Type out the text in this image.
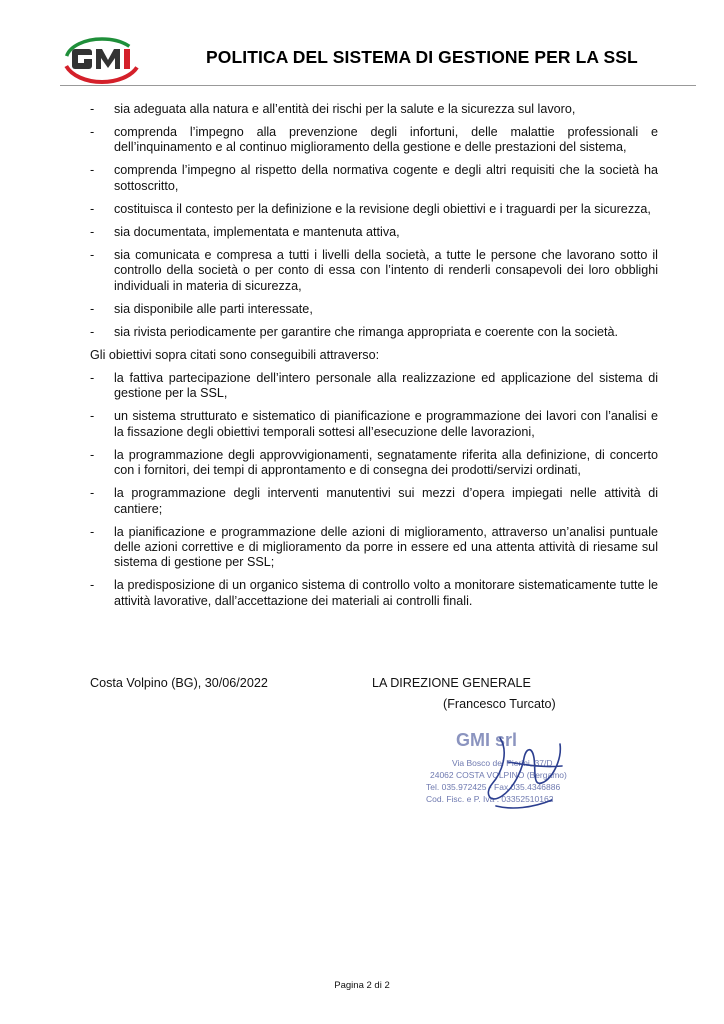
POLITICA DEL SISTEMA DI GESTIONE PER LA SSL
- sia adeguata alla natura e all’entità dei rischi per la salute e la sicurezza sul lavoro,
- comprenda l’impegno alla prevenzione degli infortuni, delle malattie professionali e dell’inquinamento e al continuo miglioramento della gestione e delle prestazioni del sistema,
- comprenda l’impegno al rispetto della normativa cogente e degli altri requisiti che la società ha sottoscritto,
- costituisca il contesto per la definizione e la revisione degli obiettivi e i traguardi per la sicurezza,
- sia documentata, implementata e mantenuta attiva,
- sia comunicata e compresa a tutti i livelli della società, a tutte le persone che lavorano sotto il controllo della società o per conto di essa con l’intento di renderli consapevoli dei loro obblighi individuali in materia di sicurezza,
- sia disponibile alle parti interessate,
- sia rivista periodicamente per garantire che rimanga appropriata e coerente con la società.
Gli obiettivi sopra citati sono conseguibili attraverso:
- la fattiva partecipazione dell’intero personale alla realizzazione ed applicazione del sistema di gestione per la SSL,
- un sistema strutturato e sistematico di pianificazione e programmazione dei lavori con l’analisi e la fissazione degli obiettivi temporali sottesi all’esecuzione delle lavorazioni,
- la programmazione degli approvvigionamenti, segnatamente riferita alla definizione, di concerto con i fornitori, dei tempi di approntamento e di consegna dei prodotti/servizi ordinati,
- la programmazione degli interventi manutentivi sui mezzi d’opera impiegati nelle attività di cantiere;
- la pianificazione e programmazione delle azioni di miglioramento, attraverso un’analisi puntuale delle azioni correttive e di miglioramento da porre in essere ed una attenta attività di riesame sul sistema di gestione per SSL;
- la predisposizione di un organico sistema di controllo volto a monitorare sistematicamente tutte le attività lavorative, dall’accettazione dei materiali ai controlli finali.
Costa Volpino (BG), 30/06/2022	LA DIREZIONE GENERALE
(Francesco Turcato)
GMI srl
Via Bosco dei Pierini, 37/D
24062 COSTA VOLPINO (Bergamo)
Tel. 035.972425 - Fax 035.4346886
Cod. Fisc. e P. Iva : 03352510162
Pagina 2 di 2
